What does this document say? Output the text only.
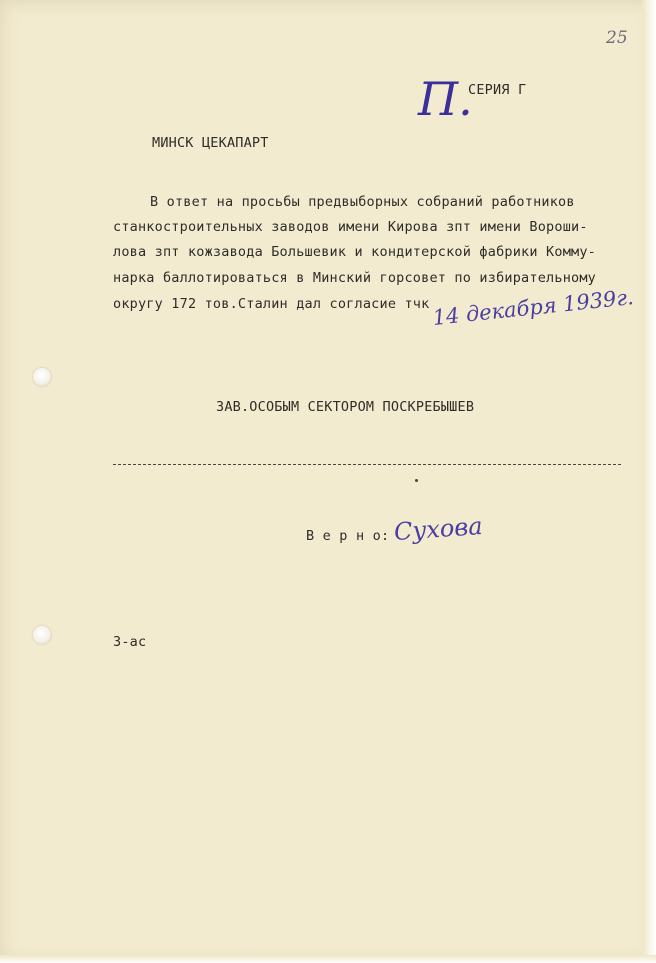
25
П.
СЕРИЯ Г
МИНСК ЦЕКАПАРТ
В ответ на просьбы предвыборных собраний работников
станкостроительных заводов имени Кирова зпт имени Вороши-
лова зпт кожзавода Большевик и кондитерской фабрики Комму-
нарка баллотироваться в Минский горсовет по избирательному
округу 172 тов.Сталин дал согласие тчк 14 декабря 1939г.
ЗАВ.ОСОБЫМ СЕКТОРОМ ПОСКРЕБЫШЕВ
В е р н о: Сухова
3-ас
